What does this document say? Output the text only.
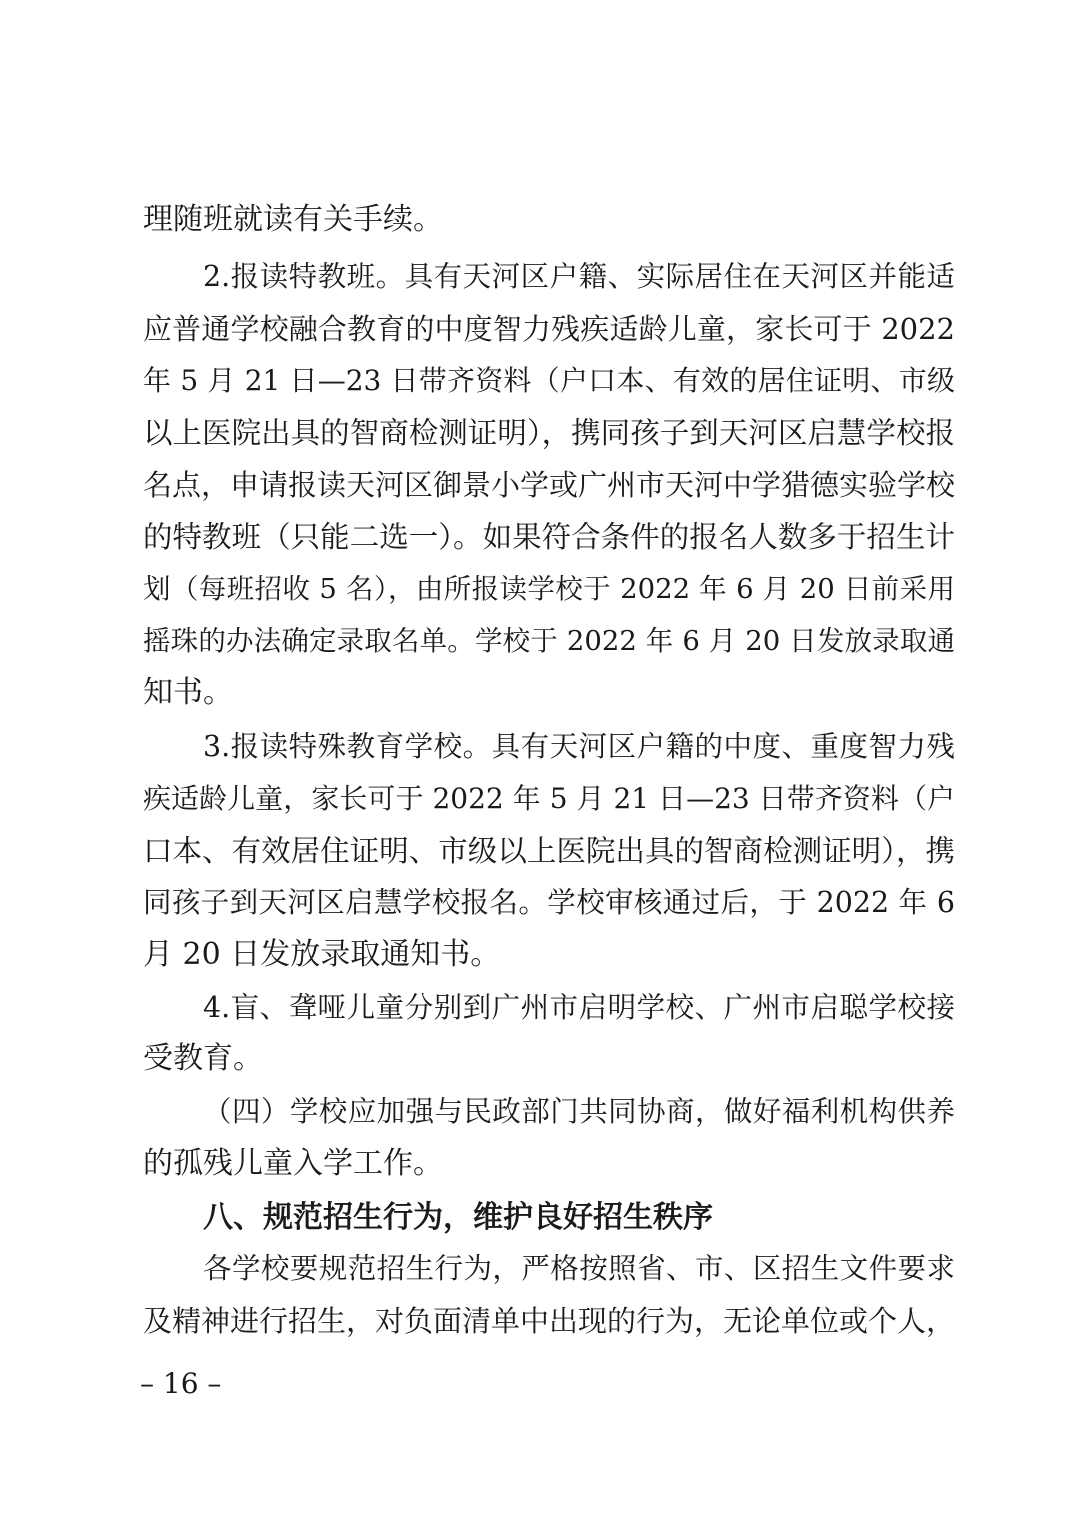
理随班就读有关手续。
2.报读特教班。具有天河区户籍、实际居住在天河区并能适
应普通学校融合教育的中度智力残疾适龄儿童，家长可于 2022
年 5 月 21 日—23 日带齐资料（户口本、有效的居住证明、市级
以上医院出具的智商检测证明），携同孩子到天河区启慧学校报
名点，申请报读天河区御景小学或广州市天河中学猎德实验学校
的特教班（只能二选一）。如果符合条件的报名人数多于招生计
划（每班招收 5 名），由所报读学校于 2022 年 6 月 20 日前采用
摇珠的办法确定录取名单。学校于 2022 年 6 月 20 日发放录取通
知书。
3.报读特殊教育学校。具有天河区户籍的中度、重度智力残
疾适龄儿童，家长可于 2022 年 5 月 21 日—23 日带齐资料（户
口本、有效居住证明、市级以上医院出具的智商检测证明），携
同孩子到天河区启慧学校报名。学校审核通过后，于 2022 年 6
月 20 日发放录取通知书。
4.盲、聋哑儿童分别到广州市启明学校、广州市启聪学校接
受教育。
（四）学校应加强与民政部门共同协商，做好福利机构供养
的孤残儿童入学工作。
八、规范招生行为，维护良好招生秩序
各学校要规范招生行为，严格按照省、市、区招生文件要求
及精神进行招生，对负面清单中出现的行为，无论单位或个人，
– 16 –
